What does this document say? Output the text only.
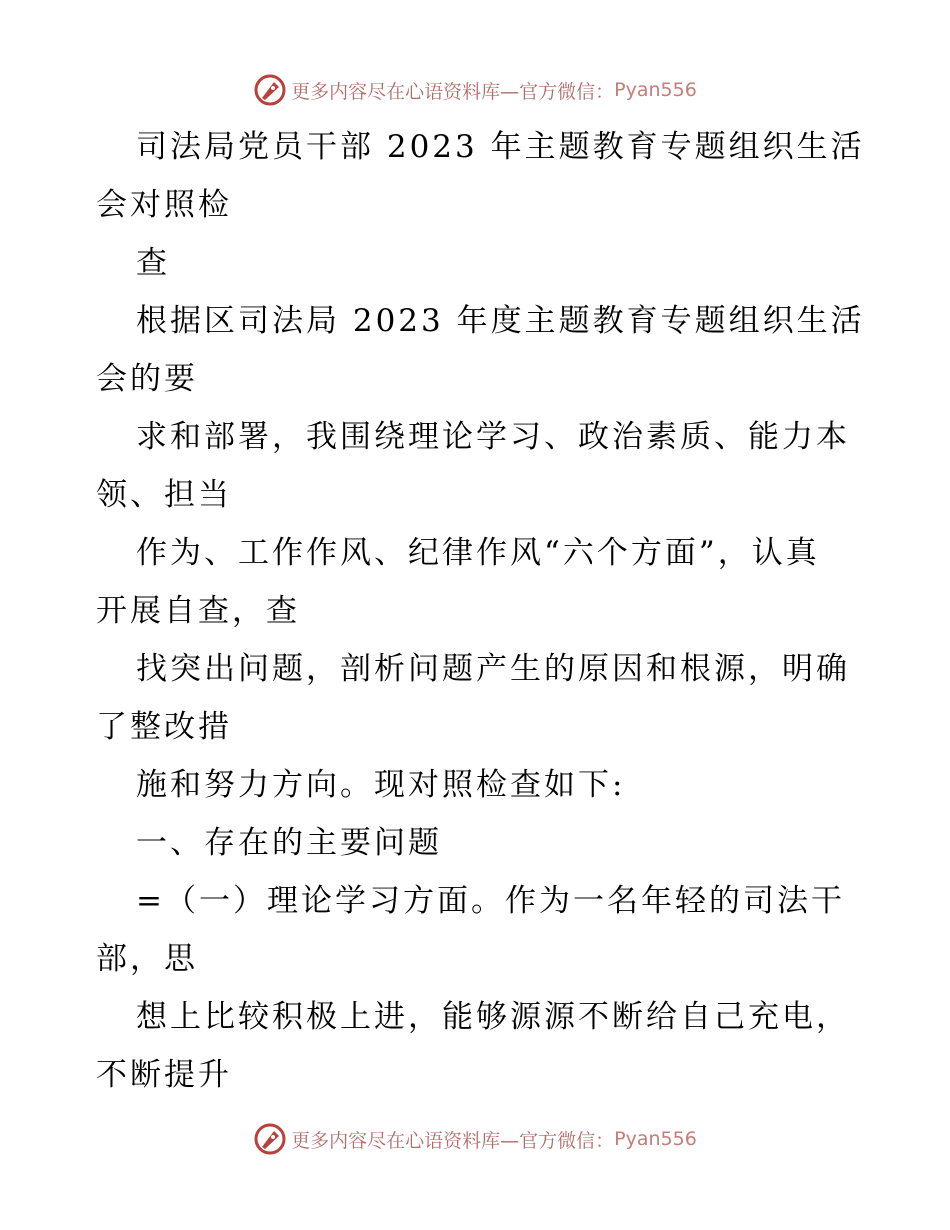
更多内容尽在心语资料库—官方微信： Pyan556
司法局党员干部 2023 年主题教育专题组织生活
会对照检
查
根据区司法局 2023 年度主题教育专题组织生活
会的要
求和部署，我围绕理论学习、政治素质、能力本
领、担当
作为、工作作风、纪律作风“六个方面”，认真
开展自查，查
找突出问题，剖析问题产生的原因和根源，明确
了整改措
施和努力方向。现对照检查如下:
一、存在的主要问题
=（一）理论学习方面。作为一名年轻的司法干
部，思
想上比较积极上进，能够源源不断给自己充电，
不断提升
更多内容尽在心语资料库—官方微信： Pyan556
